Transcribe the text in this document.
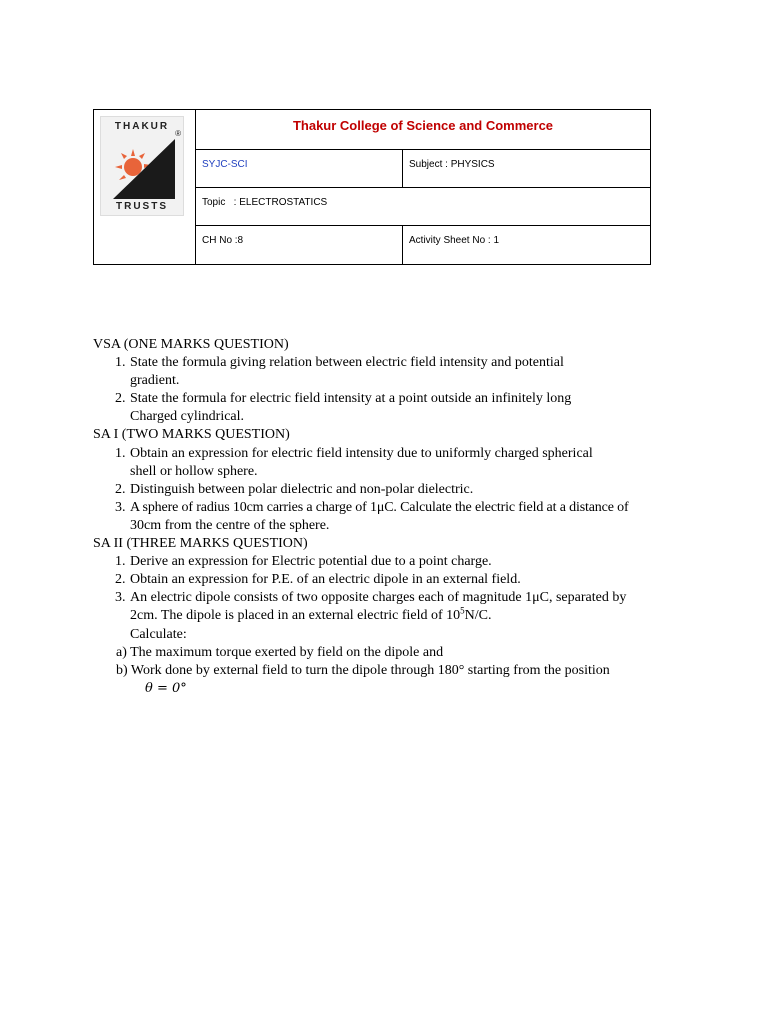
THAKUR
®
TRUSTS
Thakur College of Science and Commerce
SYJC-SCI	Subject : PHYSICS
Topic   : ELECTROSTATICS
CH No :8	Activity Sheet No : 1

VSA (ONE MARKS QUESTION)

1. State the formula giving relation between electric field intensity and potential
gradient.
2. State the formula for electric field intensity at a point outside an infinitely long
Charged cylindrical.

SA I (TWO MARKS QUESTION)

1. Obtain an expression for electric field intensity due to uniformly charged spherical
shell or hollow sphere.
2. Distinguish between polar dielectric and non-polar dielectric.
3. A sphere of radius 10cm carries a charge of 1μC. Calculate the electric field at a distance of
30cm from the centre of the sphere.

SA II (THREE MARKS QUESTION)

1. Derive an expression for Electric potential due to a point charge.
2. Obtain an expression for P.E. of an electric dipole in an external field.
3. An electric dipole consists of two opposite charges each of magnitude 1μC, separated by
2cm. The dipole is placed in an external electric field of $10^5N/C$.
Calculate:

a) The maximum torque exerted by field on the dipole and

b) Work done by external field to turn the dipole through 180° starting from the position

θ = 0°
